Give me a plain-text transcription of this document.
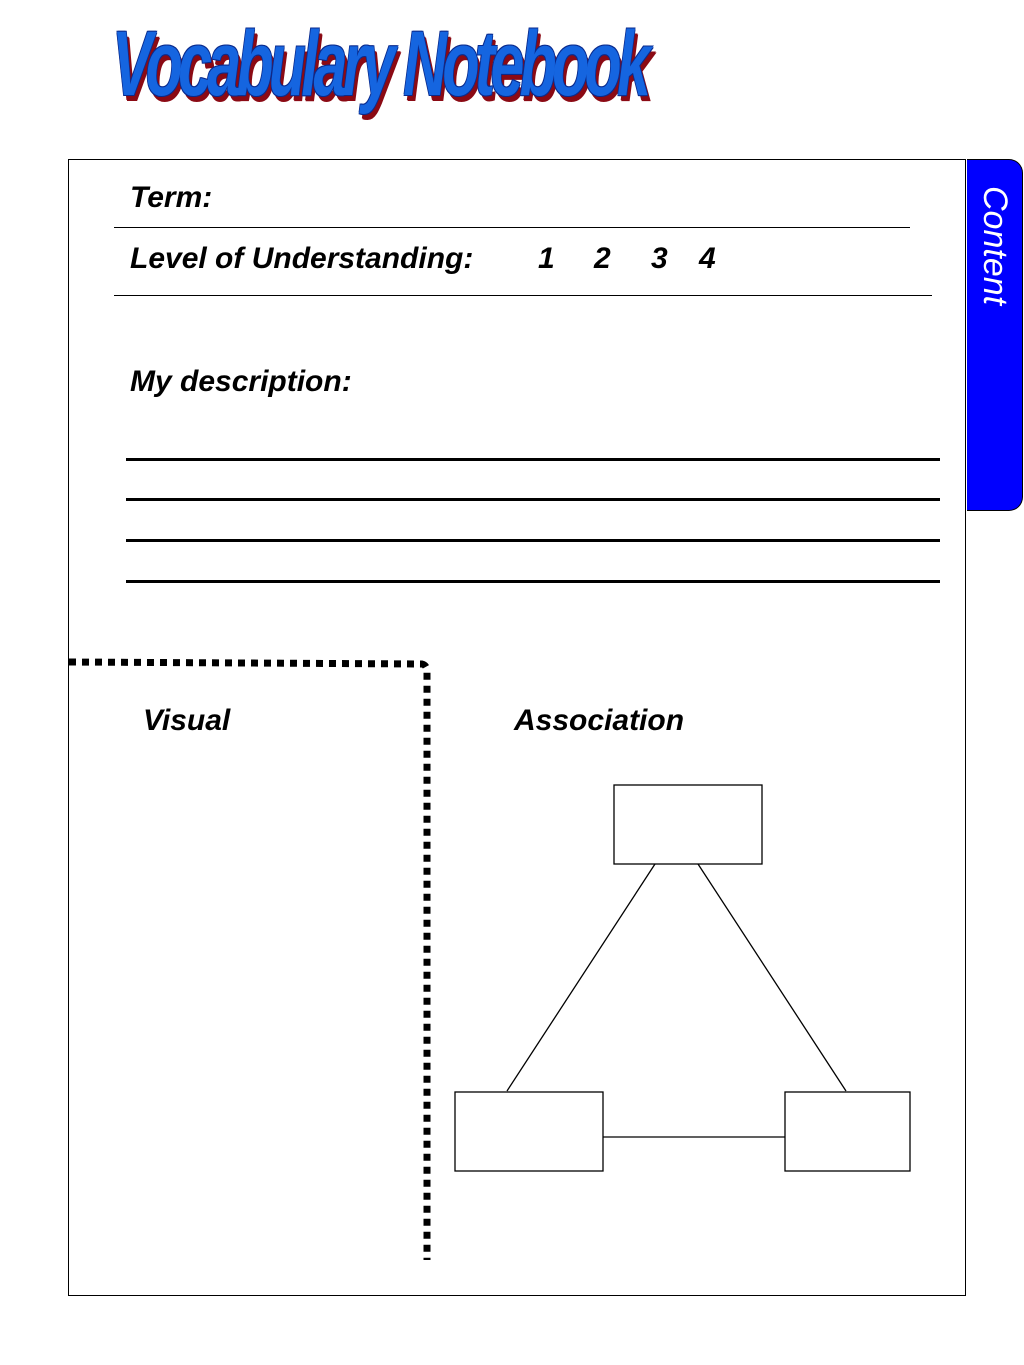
Vocabulary Notebook
Content
Term:
Level of Understanding: 1 2 3 4
My description:
Visual	Association
